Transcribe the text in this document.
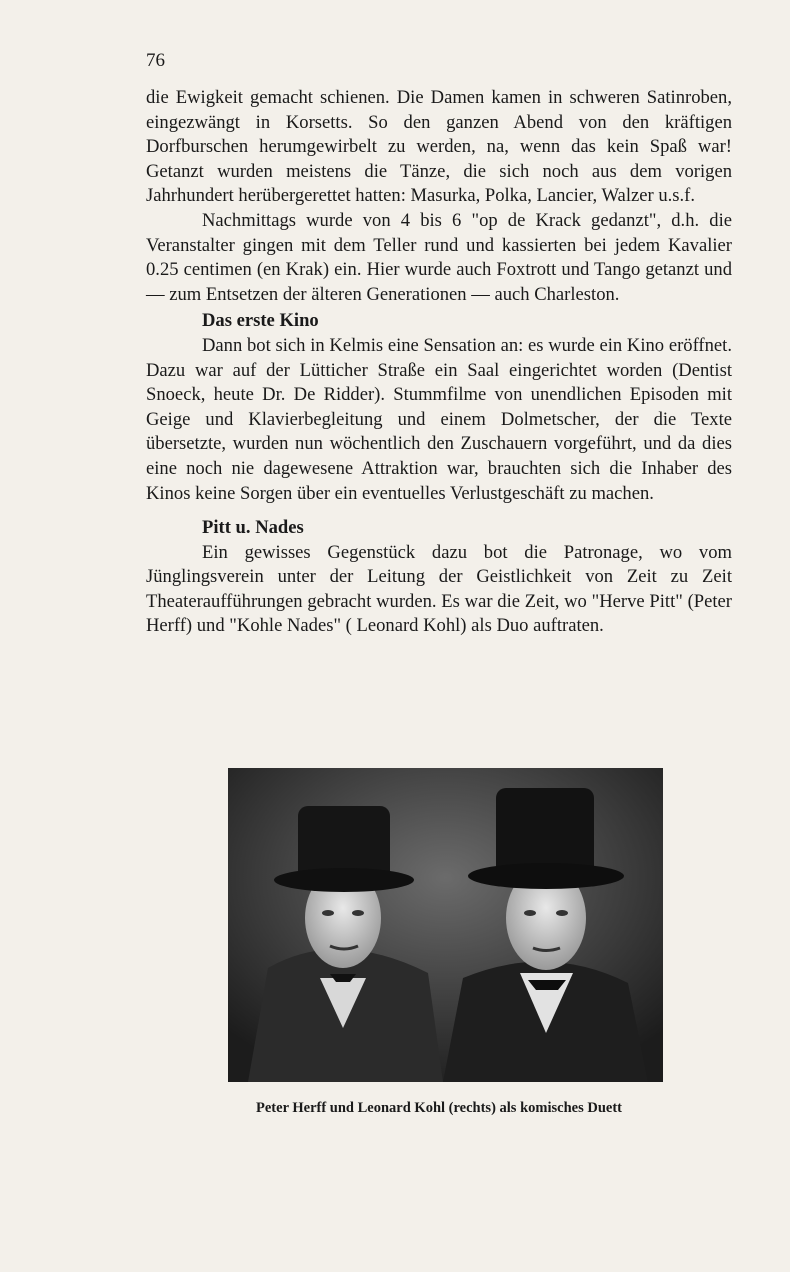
76

die Ewigkeit gemacht schienen. Die Damen kamen in schweren Satinroben, eingezwängt in Korsetts. So den ganzen Abend von den kräftigen Dorfburschen herumgewirbelt zu werden, na, wenn das kein Spaß war! Getanzt wurden meistens die Tänze, die sich noch aus dem vorigen Jahrhundert herübergerettet hatten: Masurka, Polka, Lancier, Walzer u.s.f.

Nachmittags wurde von 4 bis 6 "op de Krack gedanzt", d.h. die Veranstalter gingen mit dem Teller rund und kassierten bei jedem Kavalier 0.25 centimen (en Krak) ein. Hier wurde auch Foxtrott und Tango getanzt und — zum Entsetzen der älteren Generationen — auch Charleston.

Das erste Kino

Dann bot sich in Kelmis eine Sensation an: es wurde ein Kino eröffnet. Dazu war auf der Lütticher Straße ein Saal eingerichtet worden (Dentist Snoeck, heute Dr. De Ridder). Stummfilme von unendlichen Episoden mit Geige und Klavierbegleitung und einem Dolmetscher, der die Texte übersetzte, wurden nun wöchentlich den Zuschauern vorgeführt, und da dies eine noch nie dagewesene Attraktion war, brauchten sich die Inhaber des Kinos keine Sorgen über ein eventuelles Verlustgeschäft zu machen.

Pitt u. Nades

Ein gewisses Gegenstück dazu bot die Patronage, wo vom Jünglingsverein unter der Leitung der Geistlichkeit von Zeit zu Zeit Theateraufführungen gebracht wurden. Es war die Zeit, wo "Herve Pitt" (Peter Herff) und "Kohle Nades" ( Leonard Kohl) als Duo auftraten.

Peter Herff und Leonard Kohl (rechts) als komisches Duett
